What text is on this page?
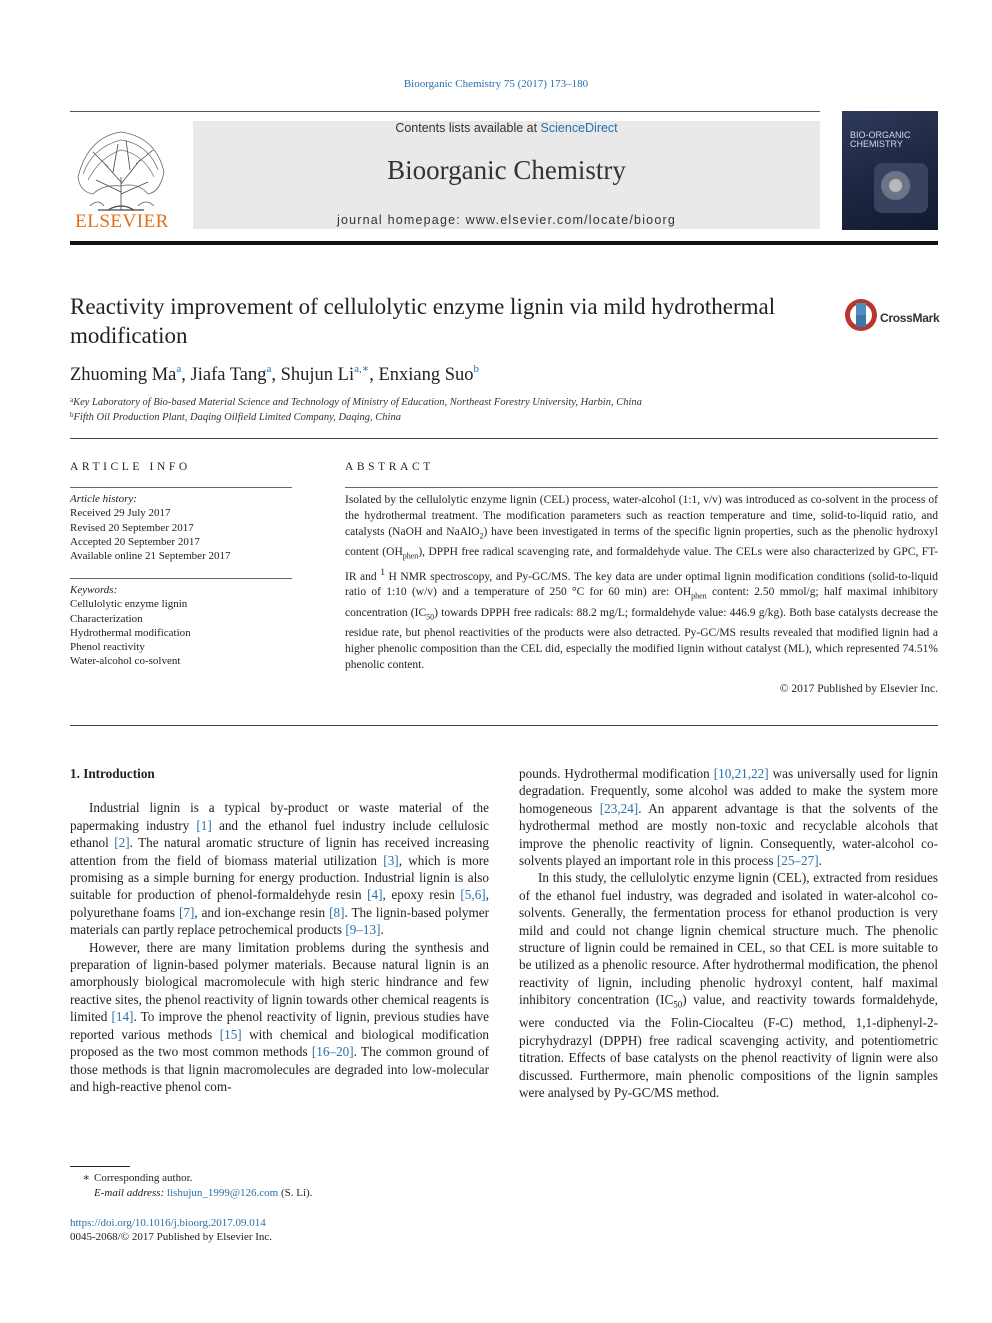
Bioorganic Chemistry 75 (2017) 173–180
ELSEVIER
Contents lists available at ScienceDirect
Bioorganic Chemistry
journal homepage: www.elsevier.com/locate/bioorg
BIO-ORGANIC
CHEMISTRY
Reactivity improvement of cellulolytic enzyme lignin via mild hydrothermal modification
CrossMark
Zhuoming Ma$^a$, Jiafa Tang$^a$, Shujun $Li^{a,∗}$, Enxiang Suo$^b$
$^a$Key Laboratory of Bio-based Material Science and Technology of Ministry of Education, Northeast Forestry University, Harbin, China
$^b$Fifth Oil Production Plant, Daqing Oilfield Limited Company, Daqing, China
ARTICLE INFO	ABSTRACT
Article history:
Received 29 July 2017
Revised 20 September 2017
Accepted 20 September 2017
Available online 21 September 2017
Keywords:
Cellulolytic enzyme lignin
Characterization
Hydrothermal modification
Phenol reactivity
Water-alcohol co-solvent
Isolated by the cellulolytic enzyme lignin (CEL) process, water-alcohol (1:1, v/v) was introduced as co-solvent in the process of the hydrothermal treatment. The modification parameters such as reaction temperature and time, solid-to-liquid ratio, and catalysts (NaOH and NaAlO$_2$) have been investigated in terms of the specific lignin properties, such as the phenolic hydroxyl content $(OH_{phen})$, DPPH free radical scavenging rate, and formaldehyde value. The CELs were also characterized by GPC, FT-IR and $^1$ H NMR spectroscopy, and Py-GC/MS. The key data are under optimal lignin modification conditions (solid-to-liquid ratio of 1:10 (w/v) and a temperature of 250 °C for 60 min) are: $OH_{phen}$ content: 2.50 mmol/g; half maximal inhibitory concentration $(IC_{50})$ towards DPPH free radicals: 88.2 mg/L; formaldehyde value: 446.9 g/kg). Both base catalysts decrease the residue rate, but phenol reactivities of the products were also detracted. Py-GC/MS results revealed that modified lignin had a higher phenolic composition than the CEL did, especially the modified lignin without catalyst (ML), which represented 74.51% phenolic content.
© 2017 Published by Elsevier Inc.
1. Introduction

Industrial lignin is a typical by-product or waste material of the papermaking industry [1] and the ethanol fuel industry include cellulosic ethanol [2]. The natural aromatic structure of lignin has received increasing attention from the field of biomass material utilization [3], which is more promising as a simple burning for energy production. Industrial lignin is also suitable for production of phenol-formaldehyde resin [4], epoxy resin [5,6], polyurethane foams [7], and ion-exchange resin [8]. The lignin-based polymer materials can partly replace petrochemical products [9–13].

However, there are many limitation problems during the synthesis and preparation of lignin-based polymer materials. Because natural lignin is an amorphously biological macromolecule with high steric hindrance and few reactive sites, the phenol reactivity of lignin towards other chemical reagents is limited [14]. To improve the phenol reactivity of lignin, previous studies have reported various methods [15] with chemical and biological modification proposed as the two most common methods [16–20]. The common ground of those methods is that lignin macromolecules are degraded into low-molecular and high-reactive phenol com-

pounds. Hydrothermal modification [10,21,22] was universally used for lignin degradation. Frequently, some alcohol was added to make the system more homogeneous [23,24]. An apparent advantage is that the solvents of the hydrothermal method are mostly non-toxic and recyclable alcohols that improve the phenolic reactivity of lignin. Consequently, water-alcohol co-solvents played an important role in this process [25–27].

In this study, the cellulolytic enzyme lignin (CEL), extracted from residues of the ethanol fuel industry, was degraded and isolated in water-alcohol co-solvents. Generally, the fermentation process for ethanol production is very mild and could not change lignin chemical structure much. The phenolic structure of lignin could be remained in CEL, so that CEL is more suitable to be utilized as a phenolic resource. After hydrothermal modification, the phenol reactivity of lignin, including phenolic hydroxyl content, half maximal inhibitory concentration $(IC_{50})$ value, and reactivity towards formaldehyde, were conducted via the Folin-Ciocalteu (F-C) method, 1,1-diphenyl-2-picryhydrazyl (DPPH) free radical scavenging activity, and potentiometric titration. Effects of base catalysts on the phenol reactivity of lignin were also discussed. Furthermore, main phenolic compositions of the lignin samples were analysed by Py-GC/MS method.

∗ Corresponding author.
E-mail address: lishujun_1999@126.com (S. Li).
https://doi.org/10.1016/j.bioorg.2017.09.014
0045-2068/© 2017 Published by Elsevier Inc.
